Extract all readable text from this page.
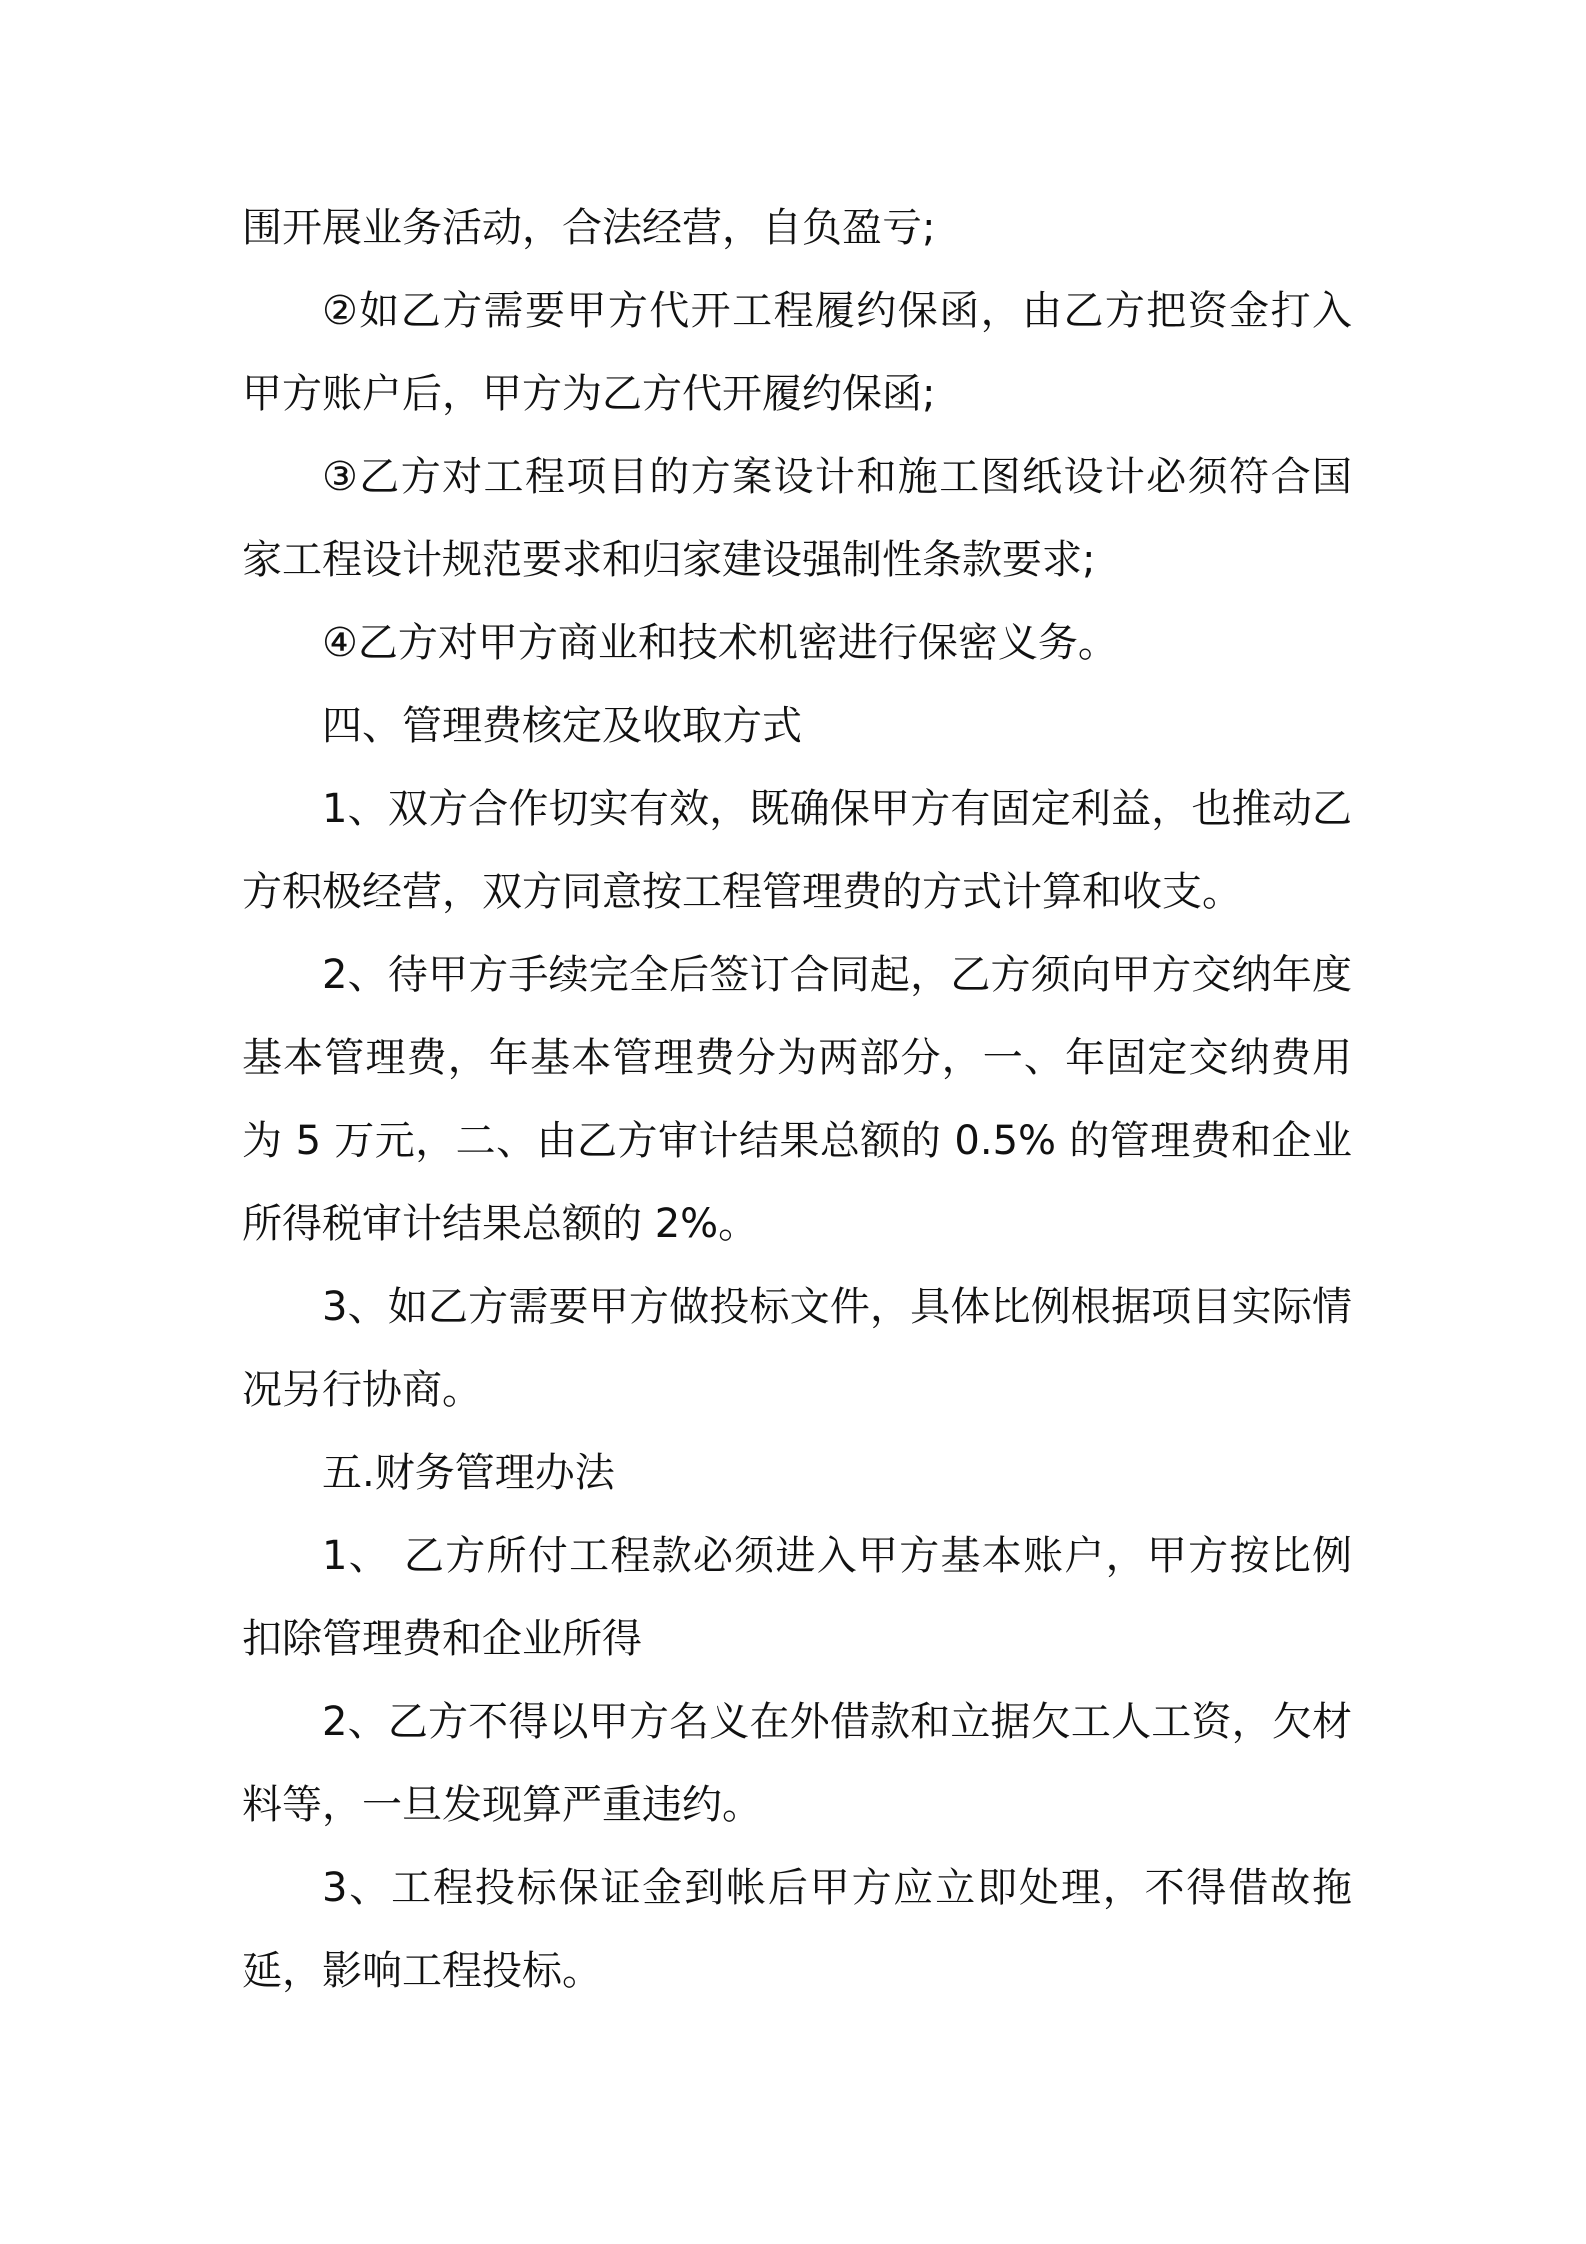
围开展业务活动，合法经营，自负盈亏;

②如乙方需要甲方代开工程履约保函，由乙方把资金打入甲方账户后，甲方为乙方代开履约保函;

③乙方对工程项目的方案设计和施工图纸设计必须符合国家工程设计规范要求和归家建设强制性条款要求;

④乙方对甲方商业和技术机密进行保密义务。

四、管理费核定及收取方式

1、双方合作切实有效，既确保甲方有固定利益，也推动乙方积极经营，双方同意按工程管理费的方式计算和收支。

2、待甲方手续完全后签订合同起，乙方须向甲方交纳年度基本管理费，年基本管理费分为两部分，一、年固定交纳费用为 5 万元，二、由乙方审计结果总额的 0.5% 的管理费和企业所得税审计结果总额的 2%。

3、如乙方需要甲方做投标文件，具体比例根据项目实际情况另行协商。

五.财务管理办法

1、 乙方所付工程款必须进入甲方基本账户，甲方按比例扣除管理费和企业所得

2、乙方不得以甲方名义在外借款和立据欠工人工资，欠材料等，一旦发现算严重违约。

3、工程投标保证金到帐后甲方应立即处理，不得借故拖延，影响工程投标。
